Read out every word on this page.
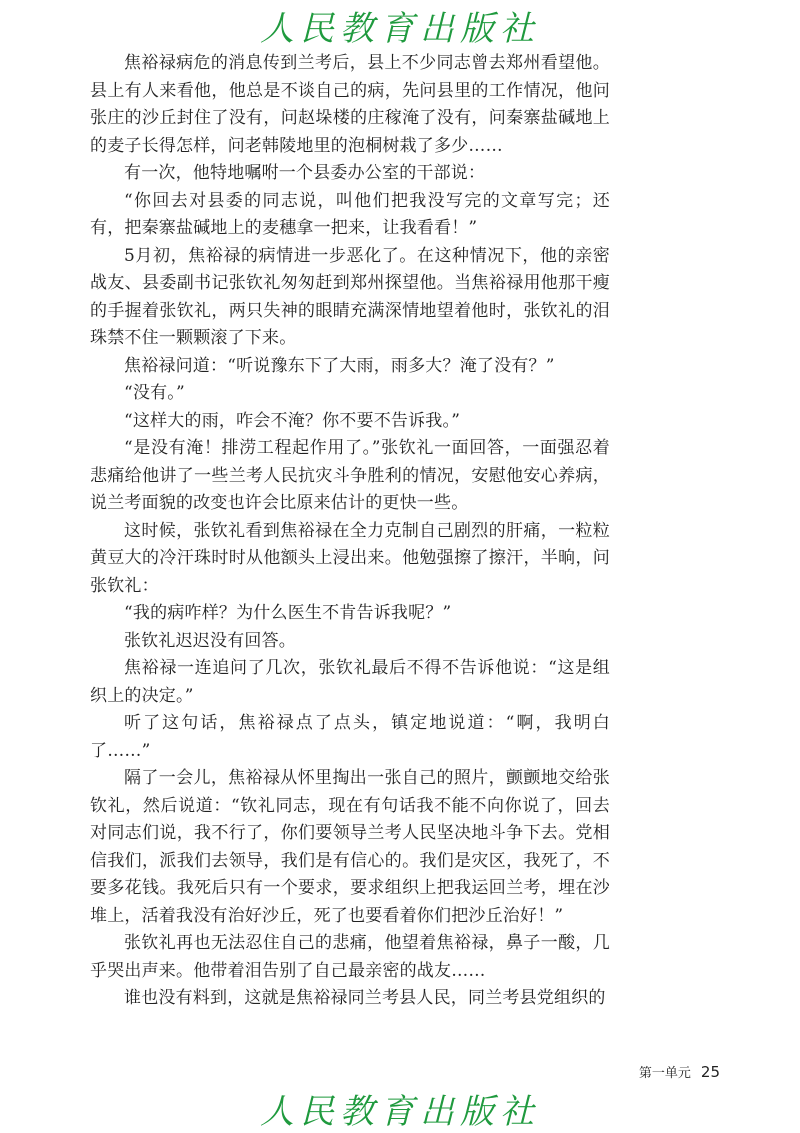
人民教育出版社

焦裕禄病危的消息传到兰考后，县上不少同志曾去郑州看望他。县上有人来看他，他总是不谈自己的病，先问县里的工作情况，他问张庄的沙丘封住了没有，问赵垛楼的庄稼淹了没有，问秦寨盐碱地上的麦子长得怎样，问老韩陵地里的泡桐树栽了多少……

有一次，他特地嘱咐一个县委办公室的干部说：

“你回去对县委的同志说，叫他们把我没写完的文章写完；还有，把秦寨盐碱地上的麦穗拿一把来，让我看看！”

5月初，焦裕禄的病情进一步恶化了。在这种情况下，他的亲密战友、县委副书记张钦礼匆匆赶到郑州探望他。当焦裕禄用他那干瘦的手握着张钦礼，两只失神的眼睛充满深情地望着他时，张钦礼的泪珠禁不住一颗颗滚了下来。

焦裕禄问道：“听说豫东下了大雨，雨多大？淹了没有？”

“没有。”

“这样大的雨，咋会不淹？你不要不告诉我。”

“是没有淹！排涝工程起作用了。”张钦礼一面回答，一面强忍着悲痛给他讲了一些兰考人民抗灾斗争胜利的情况，安慰他安心养病，说兰考面貌的改变也许会比原来估计的更快一些。

这时候，张钦礼看到焦裕禄在全力克制自己剧烈的肝痛，一粒粒黄豆大的冷汗珠时时从他额头上浸出来。他勉强擦了擦汗，半晌，问张钦礼：

“我的病咋样？为什么医生不肯告诉我呢？”

张钦礼迟迟没有回答。

焦裕禄一连追问了几次，张钦礼最后不得不告诉他说：“这是组织上的决定。”

听了这句话，焦裕禄点了点头，镇定地说道：“啊，我明白了……”

隔了一会儿，焦裕禄从怀里掏出一张自己的照片，颤颤地交给张钦礼，然后说道：“钦礼同志，现在有句话我不能不向你说了，回去对同志们说，我不行了，你们要领导兰考人民坚决地斗争下去。党相信我们，派我们去领导，我们是有信心的。我们是灾区，我死了，不要多花钱。我死后只有一个要求，要求组织上把我运回兰考，埋在沙堆上，活着我没有治好沙丘，死了也要看着你们把沙丘治好！”

张钦礼再也无法忍住自己的悲痛，他望着焦裕禄，鼻子一酸，几乎哭出声来。他带着泪告别了自己最亲密的战友……

谁也没有料到，这就是焦裕禄同兰考县人民，同兰考县党组织的

第一单元 25
人民教育出版社
